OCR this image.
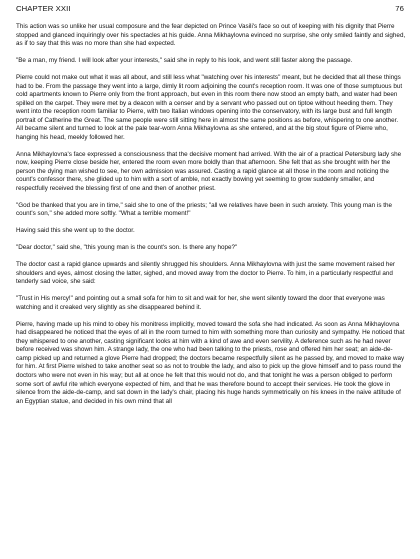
CHAPTER XXII	76

This action was so unlike her usual composure and the fear depicted on Prince Vasili's face so out of keeping with his dignity that Pierre stopped and glanced inquiringly over his spectacles at his guide. Anna Mikhaylovna evinced no surprise, she only smiled faintly and sighed, as if to say that this was no more than she had expected.

"Be a man, my friend. I will look after your interests," said she in reply to his look, and went still faster along the passage.

Pierre could not make out what it was all about, and still less what "watching over his interests" meant, but he decided that all these things had to be. From the passage they went into a large, dimly lit room adjoining the count's reception room. It was one of those sumptuous but cold apartments known to Pierre only from the front approach, but even in this room there now stood an empty bath, and water had been spilled on the carpet. They were met by a deacon with a censer and by a servant who passed out on tiptoe without heeding them. They went into the reception room familiar to Pierre, with two Italian windows opening into the conservatory, with its large bust and full length portrait of Catherine the Great. The same people were still sitting here in almost the same positions as before, whispering to one another. All became silent and turned to look at the pale tear-worn Anna Mikhaylovna as she entered, and at the big stout figure of Pierre who, hanging his head, meekly followed her.

Anna Mikhaylovna's face expressed a consciousness that the decisive moment had arrived. With the air of a practical Petersburg lady she now, keeping Pierre close beside her, entered the room even more boldly than that afternoon. She felt that as she brought with her the person the dying man wished to see, her own admission was assured. Casting a rapid glance at all those in the room and noticing the count's confessor there, she glided up to him with a sort of amble, not exactly bowing yet seeming to grow suddenly smaller, and respectfully received the blessing first of one and then of another priest.

"God be thanked that you are in time," said she to one of the priests; "all we relatives have been in such anxiety. This young man is the count's son," she added more softly. "What a terrible moment!"

Having said this she went up to the doctor.

"Dear doctor," said she, "this young man is the count's son. Is there any hope?"

The doctor cast a rapid glance upwards and silently shrugged his shoulders. Anna Mikhaylovna with just the same movement raised her shoulders and eyes, almost closing the latter, sighed, and moved away from the doctor to Pierre. To him, in a particularly respectful and tenderly sad voice, she said:

"Trust in His mercy!" and pointing out a small sofa for him to sit and wait for her, she went silently toward the door that everyone was watching and it creaked very slightly as she disappeared behind it.

Pierre, having made up his mind to obey his monitress implicitly, moved toward the sofa she had indicated. As soon as Anna Mikhaylovna had disappeared he noticed that the eyes of all in the room turned to him with something more than curiosity and sympathy. He noticed that they whispered to one another, casting significant looks at him with a kind of awe and even servility. A deference such as he had never before received was shown him. A strange lady, the one who had been talking to the priests, rose and offered him her seat; an aide-de-camp picked up and returned a glove Pierre had dropped; the doctors became respectfully silent as he passed by, and moved to make way for him. At first Pierre wished to take another seat so as not to trouble the lady, and also to pick up the glove himself and to pass round the doctors who were not even in his way; but all at once he felt that this would not do, and that tonight he was a person obliged to perform some sort of awful rite which everyone expected of him, and that he was therefore bound to accept their services. He took the glove in silence from the aide-de-camp, and sat down in the lady's chair, placing his huge hands symmetrically on his knees in the naive attitude of an Egyptian statue, and decided in his own mind that all
